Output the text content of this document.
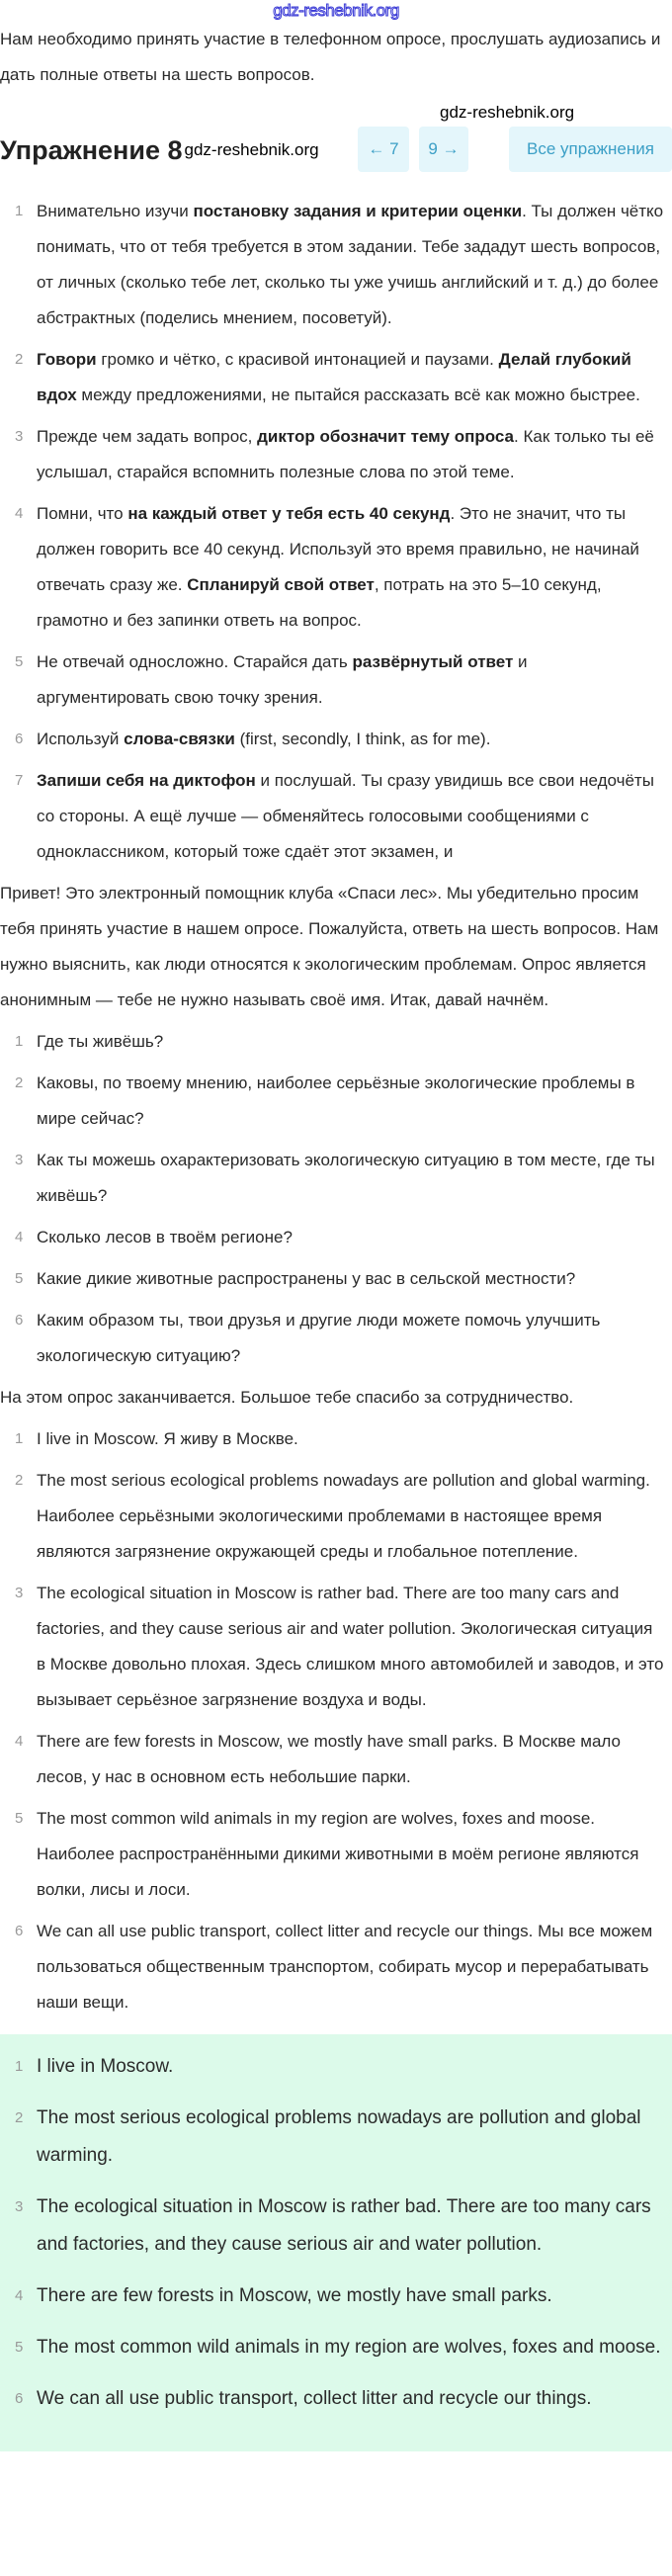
gdz-reshebnik.org

Нам необходимо принять участие в телефонном опросе, прослушать аудиозапись и дать полные ответы на шесть вопросов.

Упражнение 8 gdz-reshebnik.org
gdz-reshebnik.org
← 7	9 →	Все упражнения
1 Внимательно изучи постановку задания и критерии оценки. Ты должен чётко понимать, что от тебя требуется в этом задании. Тебе зададут шесть вопросов, от личных (сколько тебе лет, сколько ты уже учишь английский и т. д.) до более абстрактных (поделись мнением, посоветуй).
2 Говори громко и чётко, с красивой интонацией и паузами. Делай глубокий вдох между предложениями, не пытайся рассказать всё как можно быстрее.
3 Прежде чем задать вопрос, диктор обозначит тему опроса. Как только ты её услышал, старайся вспомнить полезные слова по этой теме.
4 Помни, что на каждый ответ у тебя есть 40 секунд. Это не значит, что ты должен говорить все 40 секунд. Используй это время правильно, не начинай отвечать сразу же. Спланируй свой ответ, потрать на это 5–10 секунд, грамотно и без запинки ответь на вопрос.
5 Не отвечай односложно. Старайся дать развёрнутый ответ и аргументировать свою точку зрения.
6 Используй слова-связки (first, secondly, I think, as for me).
7 Запиши себя на диктофон и послушай. Ты сразу увидишь все свои недочёты со стороны. А ещё лучше — обменяйтесь голосовыми сообщениями с одноклассником, который тоже сдаёт этот экзамен, и

Привет! Это электронный помощник клуба «Спаси лес». Мы убедительно просим тебя принять участие в нашем опросе. Пожалуйста, ответь на шесть вопросов. Нам нужно выяснить, как люди относятся к экологическим проблемам. Опрос является анонимным — тебе не нужно называть своё имя. Итак, давай начнём.

1 Где ты живёшь?
2 Каковы, по твоему мнению, наиболее серьёзные экологические проблемы в мире сейчас?
3 Как ты можешь охарактеризовать экологическую ситуацию в том месте, где ты живёшь?
4 Сколько лесов в твоём регионе?
5 Какие дикие животные распространены у вас в сельской местности?
6 Каким образом ты, твои друзья и другие люди можете помочь улучшить экологическую ситуацию?

На этом опрос заканчивается. Большое тебе спасибо за сотрудничество.

1 I live in Moscow. Я живу в Москве.
2 The most serious ecological problems nowadays are pollution and global warming. Наиболее серьёзными экологическими проблемами в настоящее время являются загрязнение окружающей среды и глобальное потепление.
3 The ecological situation in Moscow is rather bad. There are too many cars and factories, and they cause serious air and water pollution. Экологическая ситуация в Москве довольно плохая. Здесь слишком много автомобилей и заводов, и это вызывает серьёзное загрязнение воздуха и воды.
4 There are few forests in Moscow, we mostly have small parks. В Москве мало лесов, у нас в основном есть небольшие парки.
5 The most common wild animals in my region are wolves, foxes and moose. Наиболее распространёнными дикими животными в моём регионе являются волки, лисы и лоси.
6 We can all use public transport, collect litter and recycle our things. Мы все можем пользоваться общественным транспортом, собирать мусор и перерабатывать наши вещи.
1 I live in Moscow.
2 The most serious ecological problems nowadays are pollution and global warming.
3 The ecological situation in Moscow is rather bad. There are too many cars and factories, and they cause serious air and water pollution.
4 There are few forests in Moscow, we mostly have small parks.
5 The most common wild animals in my region are wolves, foxes and moose.
6 We can all use public transport, collect litter and recycle our things.
